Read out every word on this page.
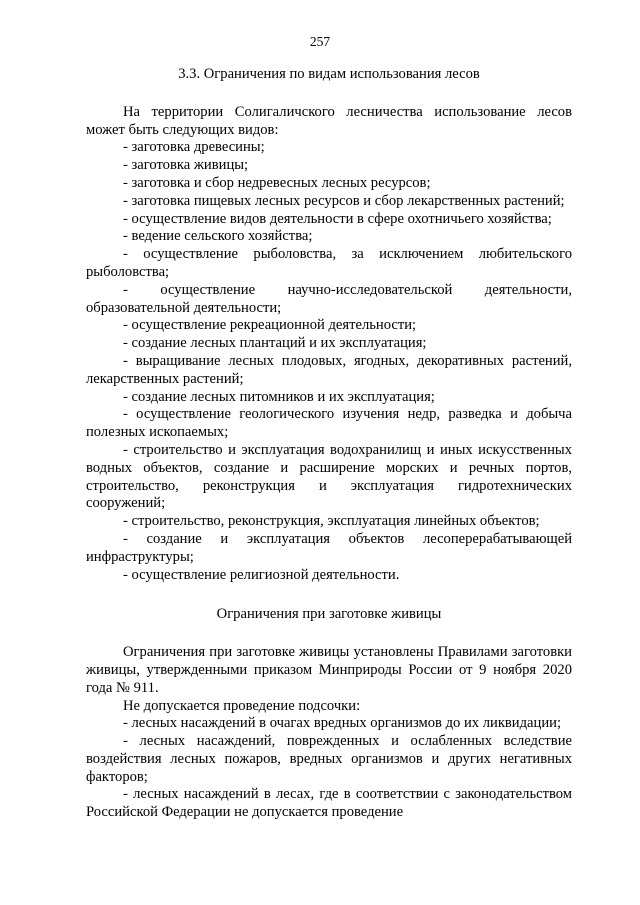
257
3.3. Ограничения по видам использования лесов

На территории Солигаличского лесничества использование лесов может быть следующих видов:

- заготовка древесины;

- заготовка живицы;

- заготовка и сбор недревесных лесных ресурсов;

- заготовка пищевых лесных ресурсов и сбор лекарственных растений;

- осуществление видов деятельности в сфере охотничьего хозяйства;

- ведение сельского хозяйства;

- осуществление рыболовства, за исключением любительского рыболовства;

- осуществление научно-исследовательской деятельности, образовательной деятельности;

- осуществление рекреационной деятельности;

- создание лесных плантаций и их эксплуатация;

- выращивание лесных плодовых, ягодных, декоративных растений, лекарственных растений;

- создание лесных питомников и их эксплуатация;

- осуществление геологического изучения недр, разведка и добыча полезных ископаемых;

- строительство и эксплуатация водохранилищ и иных искусственных водных объектов, создание и расширение морских и речных портов, строительство, реконструкция и эксплуатация гидротехнических сооружений;

- строительство, реконструкция, эксплуатация линейных объектов;

- создание и эксплуатация объектов лесоперерабатывающей инфраструктуры;

- осуществление религиозной деятельности.

Ограничения при заготовке живицы

Ограничения при заготовке живицы установлены Правилами заготовки живицы, утвержденными приказом Минприроды России от 9 ноября 2020 года № 911.

Не допускается проведение подсочки:

- лесных насаждений в очагах вредных организмов до их ликвидации;

- лесных насаждений, поврежденных и ослабленных вследствие воздействия лесных пожаров, вредных организмов и других негативных факторов;

- лесных насаждений в лесах, где в соответствии с законодательством Российской Федерации не допускается проведение
